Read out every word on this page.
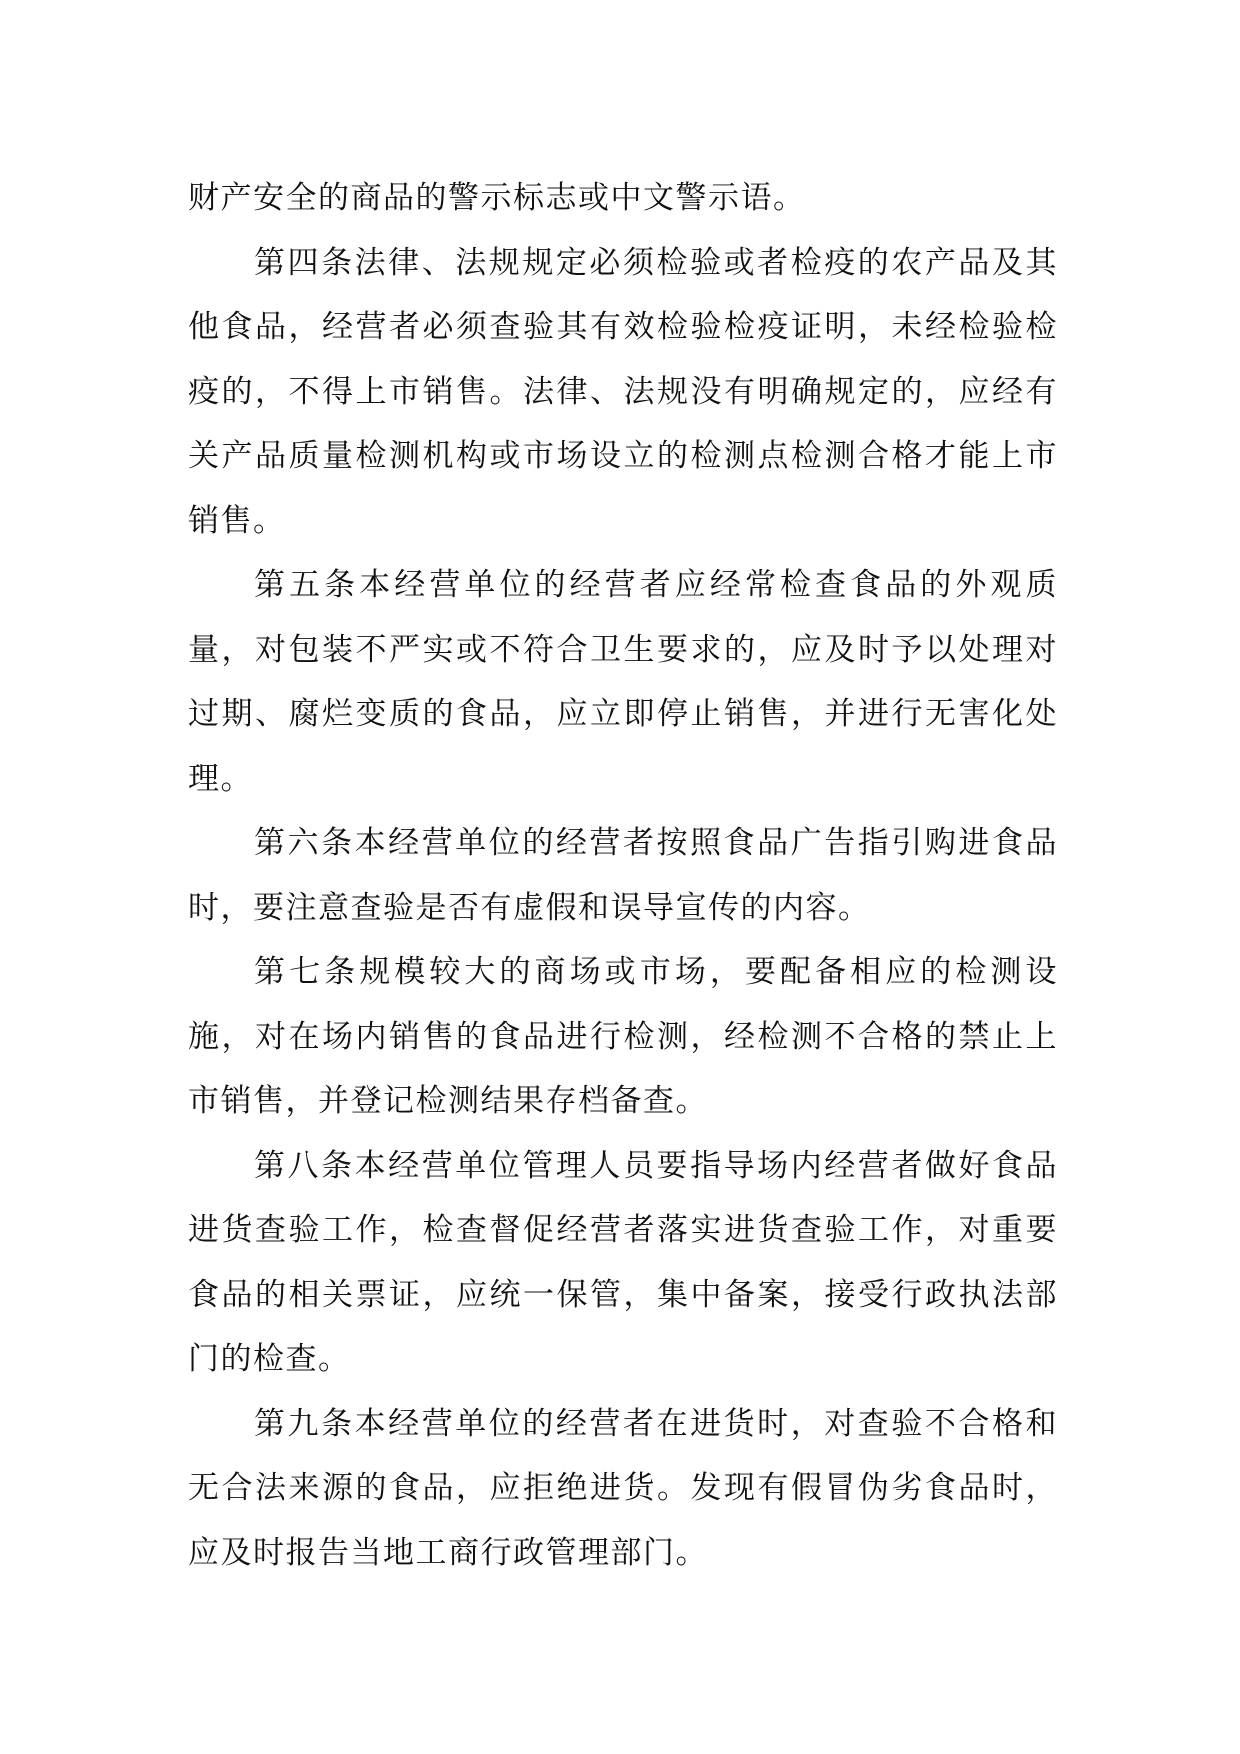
财产安全的商品的警示标志或中文警示语。

第四条法律、法规规定必须检验或者检疫的农产品及其他食品，经营者必须查验其有效检验检疫证明，未经检验检疫的，不得上市销售。法律、法规没有明确规定的，应经有关产品质量检测机构或市场设立的检测点检测合格才能上市销售。

第五条本经营单位的经营者应经常检查食品的外观质量，对包装不严实或不符合卫生要求的，应及时予以处理对过期、腐烂变质的食品，应立即停止销售，并进行无害化处理。

第六条本经营单位的经营者按照食品广告指引购进食品时，要注意查验是否有虚假和误导宣传的内容。

第七条规模较大的商场或市场，要配备相应的检测设施，对在场内销售的食品进行检测，经检测不合格的禁止上市销售，并登记检测结果存档备查。

第八条本经营单位管理人员要指导场内经营者做好食品进货查验工作，检查督促经营者落实进货查验工作，对重要食品的相关票证，应统一保管，集中备案，接受行政执法部门的检查。

第九条本经营单位的经营者在进货时，对查验不合格和无合法来源的食品，应拒绝进货。发现有假冒伪劣食品时，应及时报告当地工商行政管理部门。
